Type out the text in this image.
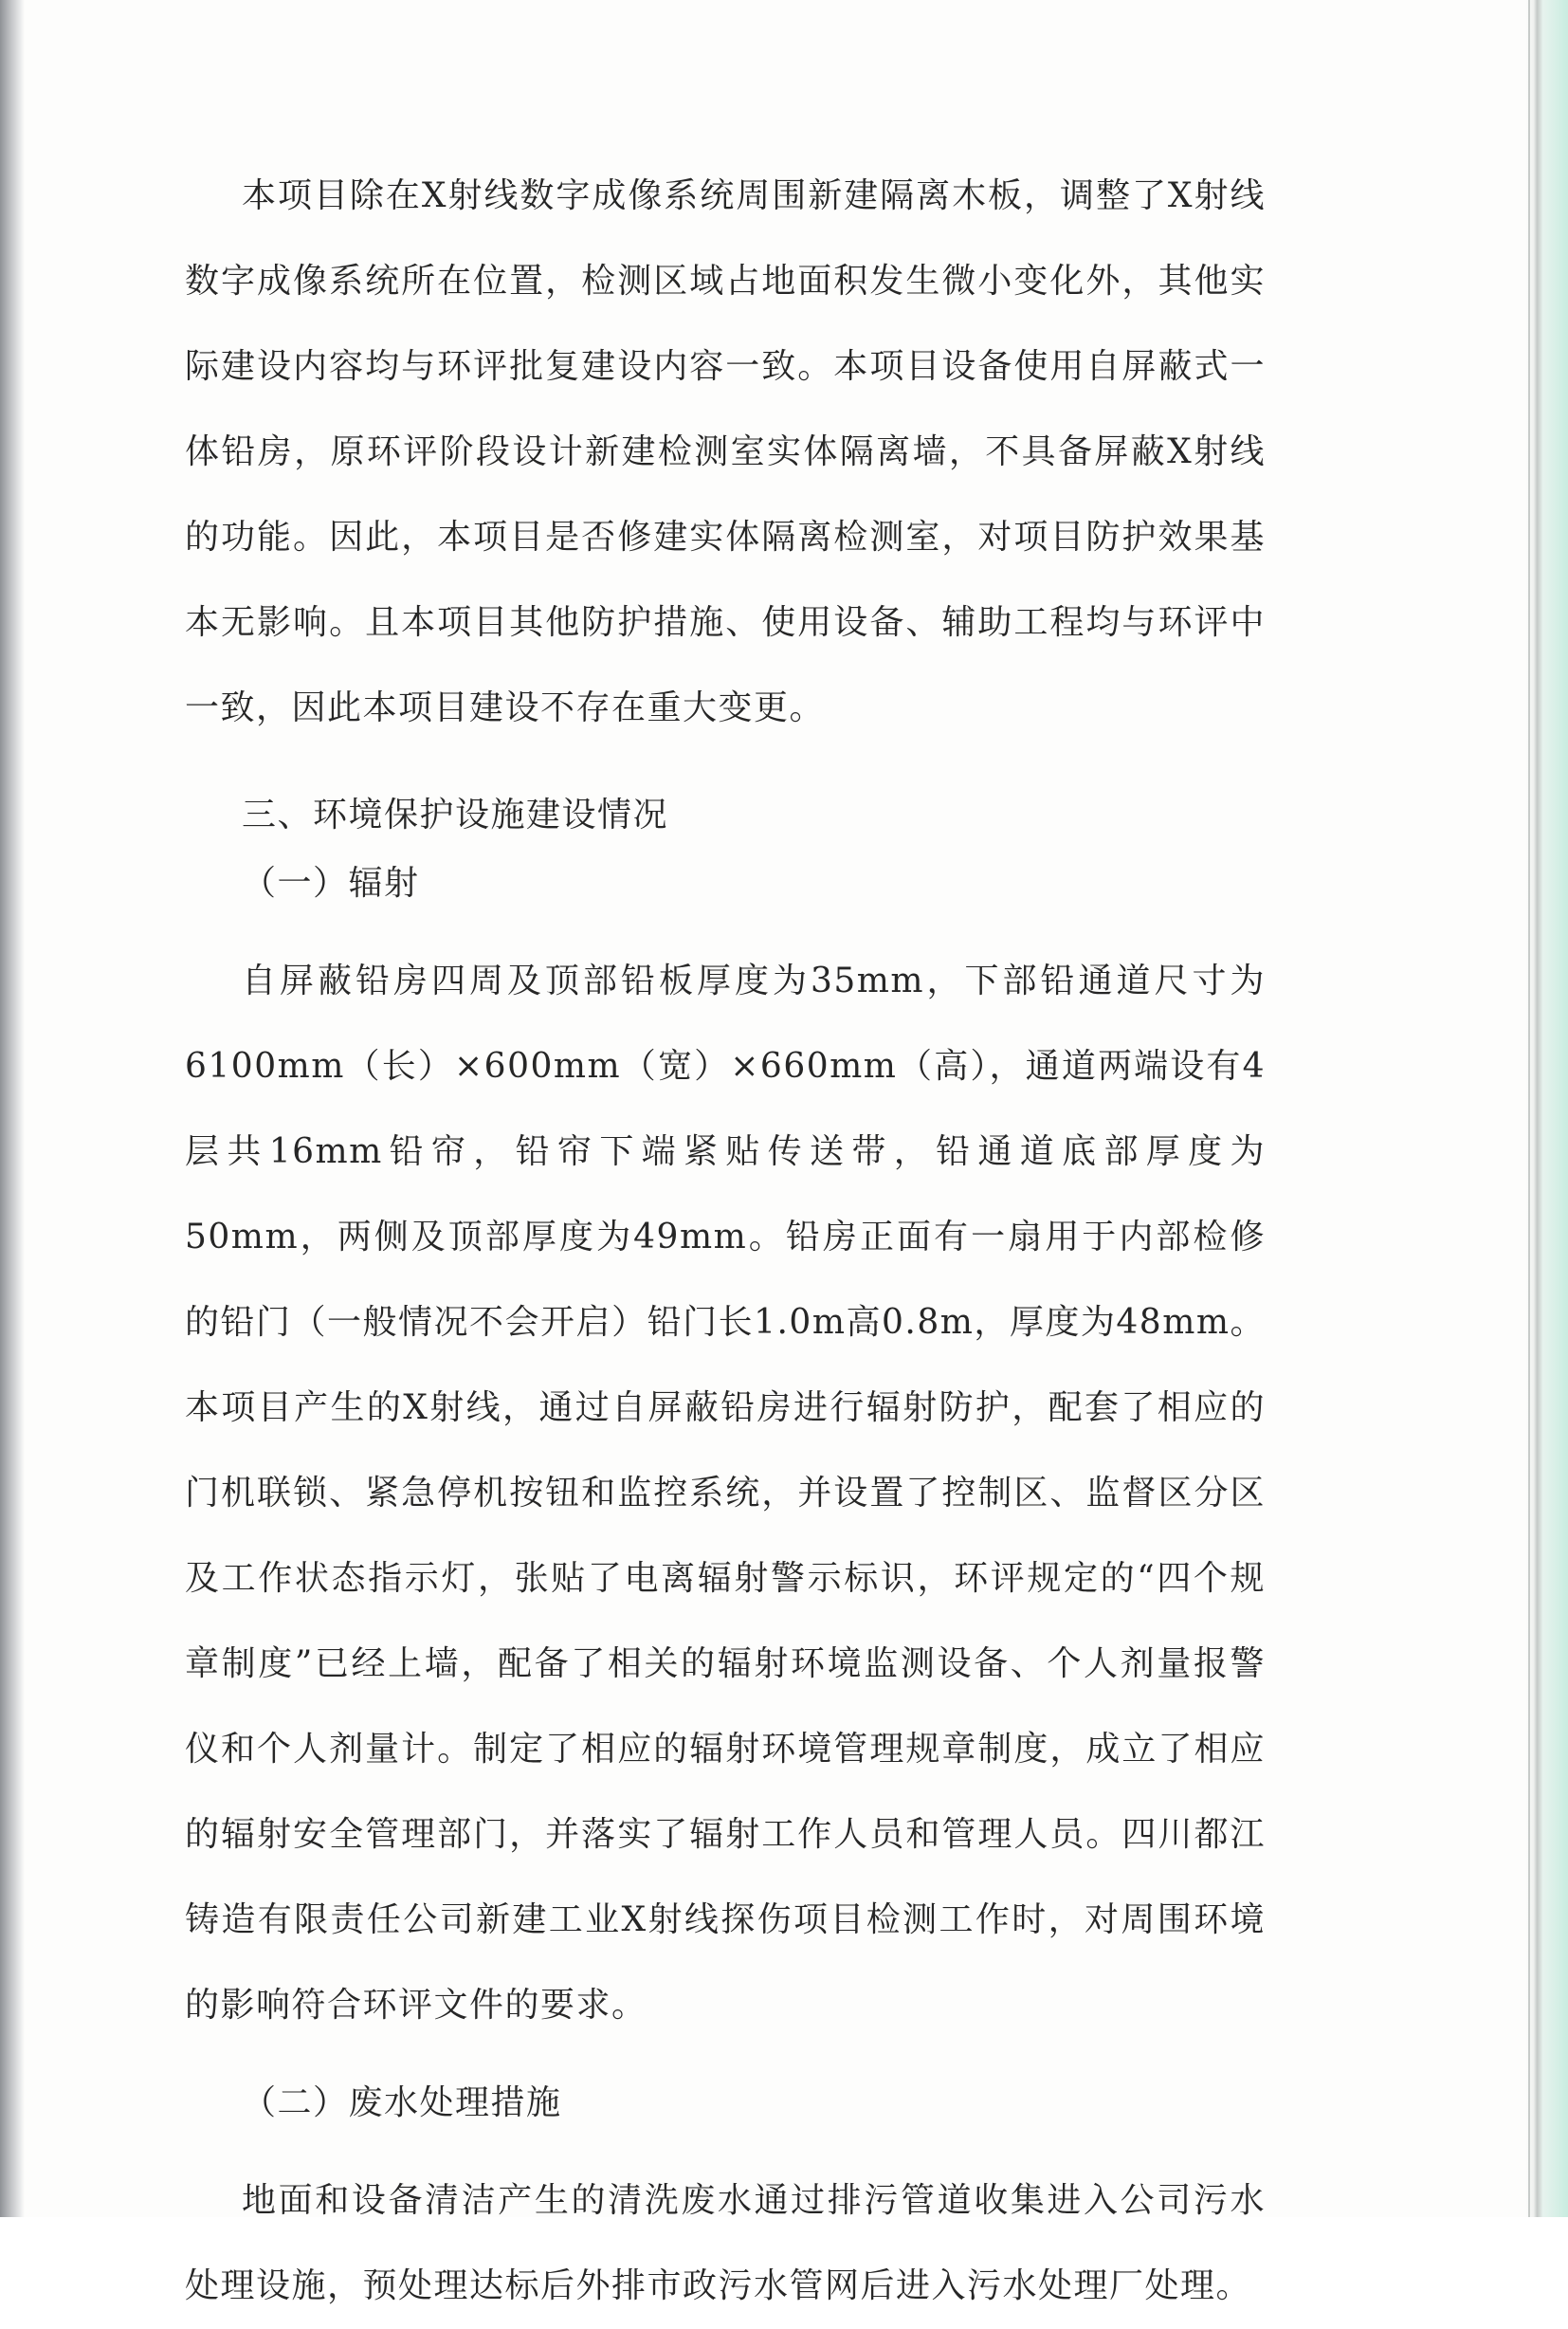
本项目除在X射线数字成像系统周围新建隔离木板，调整了X射线数字成像系统所在位置，检测区域占地面积发生微小变化外，其他实际建设内容均与环评批复建设内容一致。本项目设备使用自屏蔽式一体铅房，原环评阶段设计新建检测室实体隔离墙，不具备屏蔽X射线的功能。因此，本项目是否修建实体隔离检测室，对项目防护效果基本无影响。且本项目其他防护措施、使用设备、辅助工程均与环评中一致，因此本项目建设不存在重大变更。

三、环境保护设施建设情况

（一）辐射

自屏蔽铅房四周及顶部铅板厚度为35mm，下部铅通道尺寸为6100mm（长）×600mm（宽）×660mm（高），通道两端设有4层共16mm铅帘，铅帘下端紧贴传送带，铅通道底部厚度为50mm，两侧及顶部厚度为49mm。铅房正面有一扇用于内部检修的铅门（一般情况不会开启）铅门长1.0m高0.8m，厚度为48mm。本项目产生的X射线，通过自屏蔽铅房进行辐射防护，配套了相应的门机联锁、紧急停机按钮和监控系统，并设置了控制区、监督区分区及工作状态指示灯，张贴了电离辐射警示标识，环评规定的“四个规章制度”已经上墙，配备了相关的辐射环境监测设备、个人剂量报警仪和个人剂量计。制定了相应的辐射环境管理规章制度，成立了相应的辐射安全管理部门，并落实了辐射工作人员和管理人员。四川都江铸造有限责任公司新建工业X射线探伤项目检测工作时，对周围环境的影响符合环评文件的要求。

（二）废水处理措施

地面和设备清洁产生的清洗废水通过排污管道收集进入公司污水处理设施，预处理达标后外排市政污水管网后进入污水处理厂处理。
